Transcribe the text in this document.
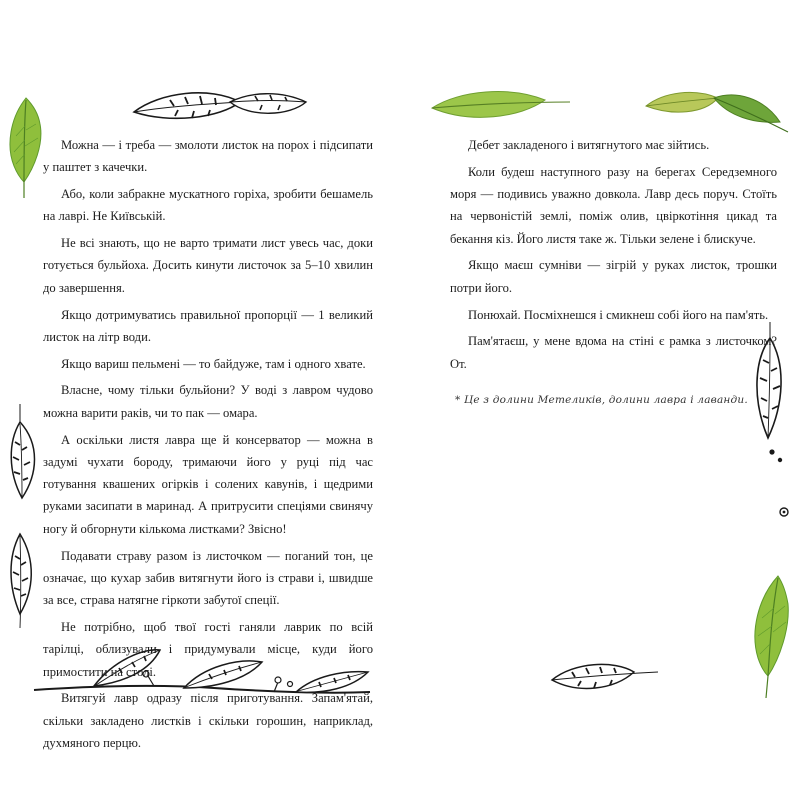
Можна — і треба — змолоти листок на порох і підсипати у паштет з качечки.

Або, коли забракне мускатного горіха, зробити бешамель на лаврі. Не Київській.

Не всі знають, що не варто тримати лист увесь час, доки готується бульйоха. Досить кинути листочок за 5–10 хвилин до завершення.

Якщо дотримуватись правильної пропорції — 1 великий листок на літр води.

Якщо вариш пельмені — то байдуже, там і одного хвате.

Власне, чому тільки бульйони? У воді з лавром чудово можна варити раків, чи то пак — омара.

А оскільки листя лавра ще й консерватор — можна в задумі чухати бороду, тримаючи його у руці під час готування квашених огірків і солених кавунів, і щедрими руками засипати в маринад. А притрусити спеціями свинячу ногу й обгорнути кількома листками? Звісно!

Подавати страву разом із листочком — поганий тон, це означає, що кухар забив витягнути його із страви і, швидше за все, страва натягне гіркоти забутої спеції.

Не потрібно, щоб твої гості ганяли лаврик по всій тарілці, облизували і придумували місце, куди його примостити на столі.

Витягуй лавр одразу після приготування. Запам'ятай, скільки закладено листків і скільки горошин, наприклад, духмяного перцю.

Дебет закладеного і витягнутого має зійтись.

Коли будеш наступного разу на берегах Середземного моря — подивись уважно довкола. Лавр десь поруч. Стоїть на червоністій землі, поміж олив, цвіркотіння цикад та бекання кіз. Його листя таке ж. Тільки зелене і блискуче.

Якщо маєш сумніви — зігрій у руках листок, трошки потри його.

Понюхай. Посміхнешся і смикнеш собі його на пам'ять.

Пам'ятаєш, у мене вдома на стіні є рамка з листочком? От.

* Це з долини Метеликів, долини лавра і лаванди.
